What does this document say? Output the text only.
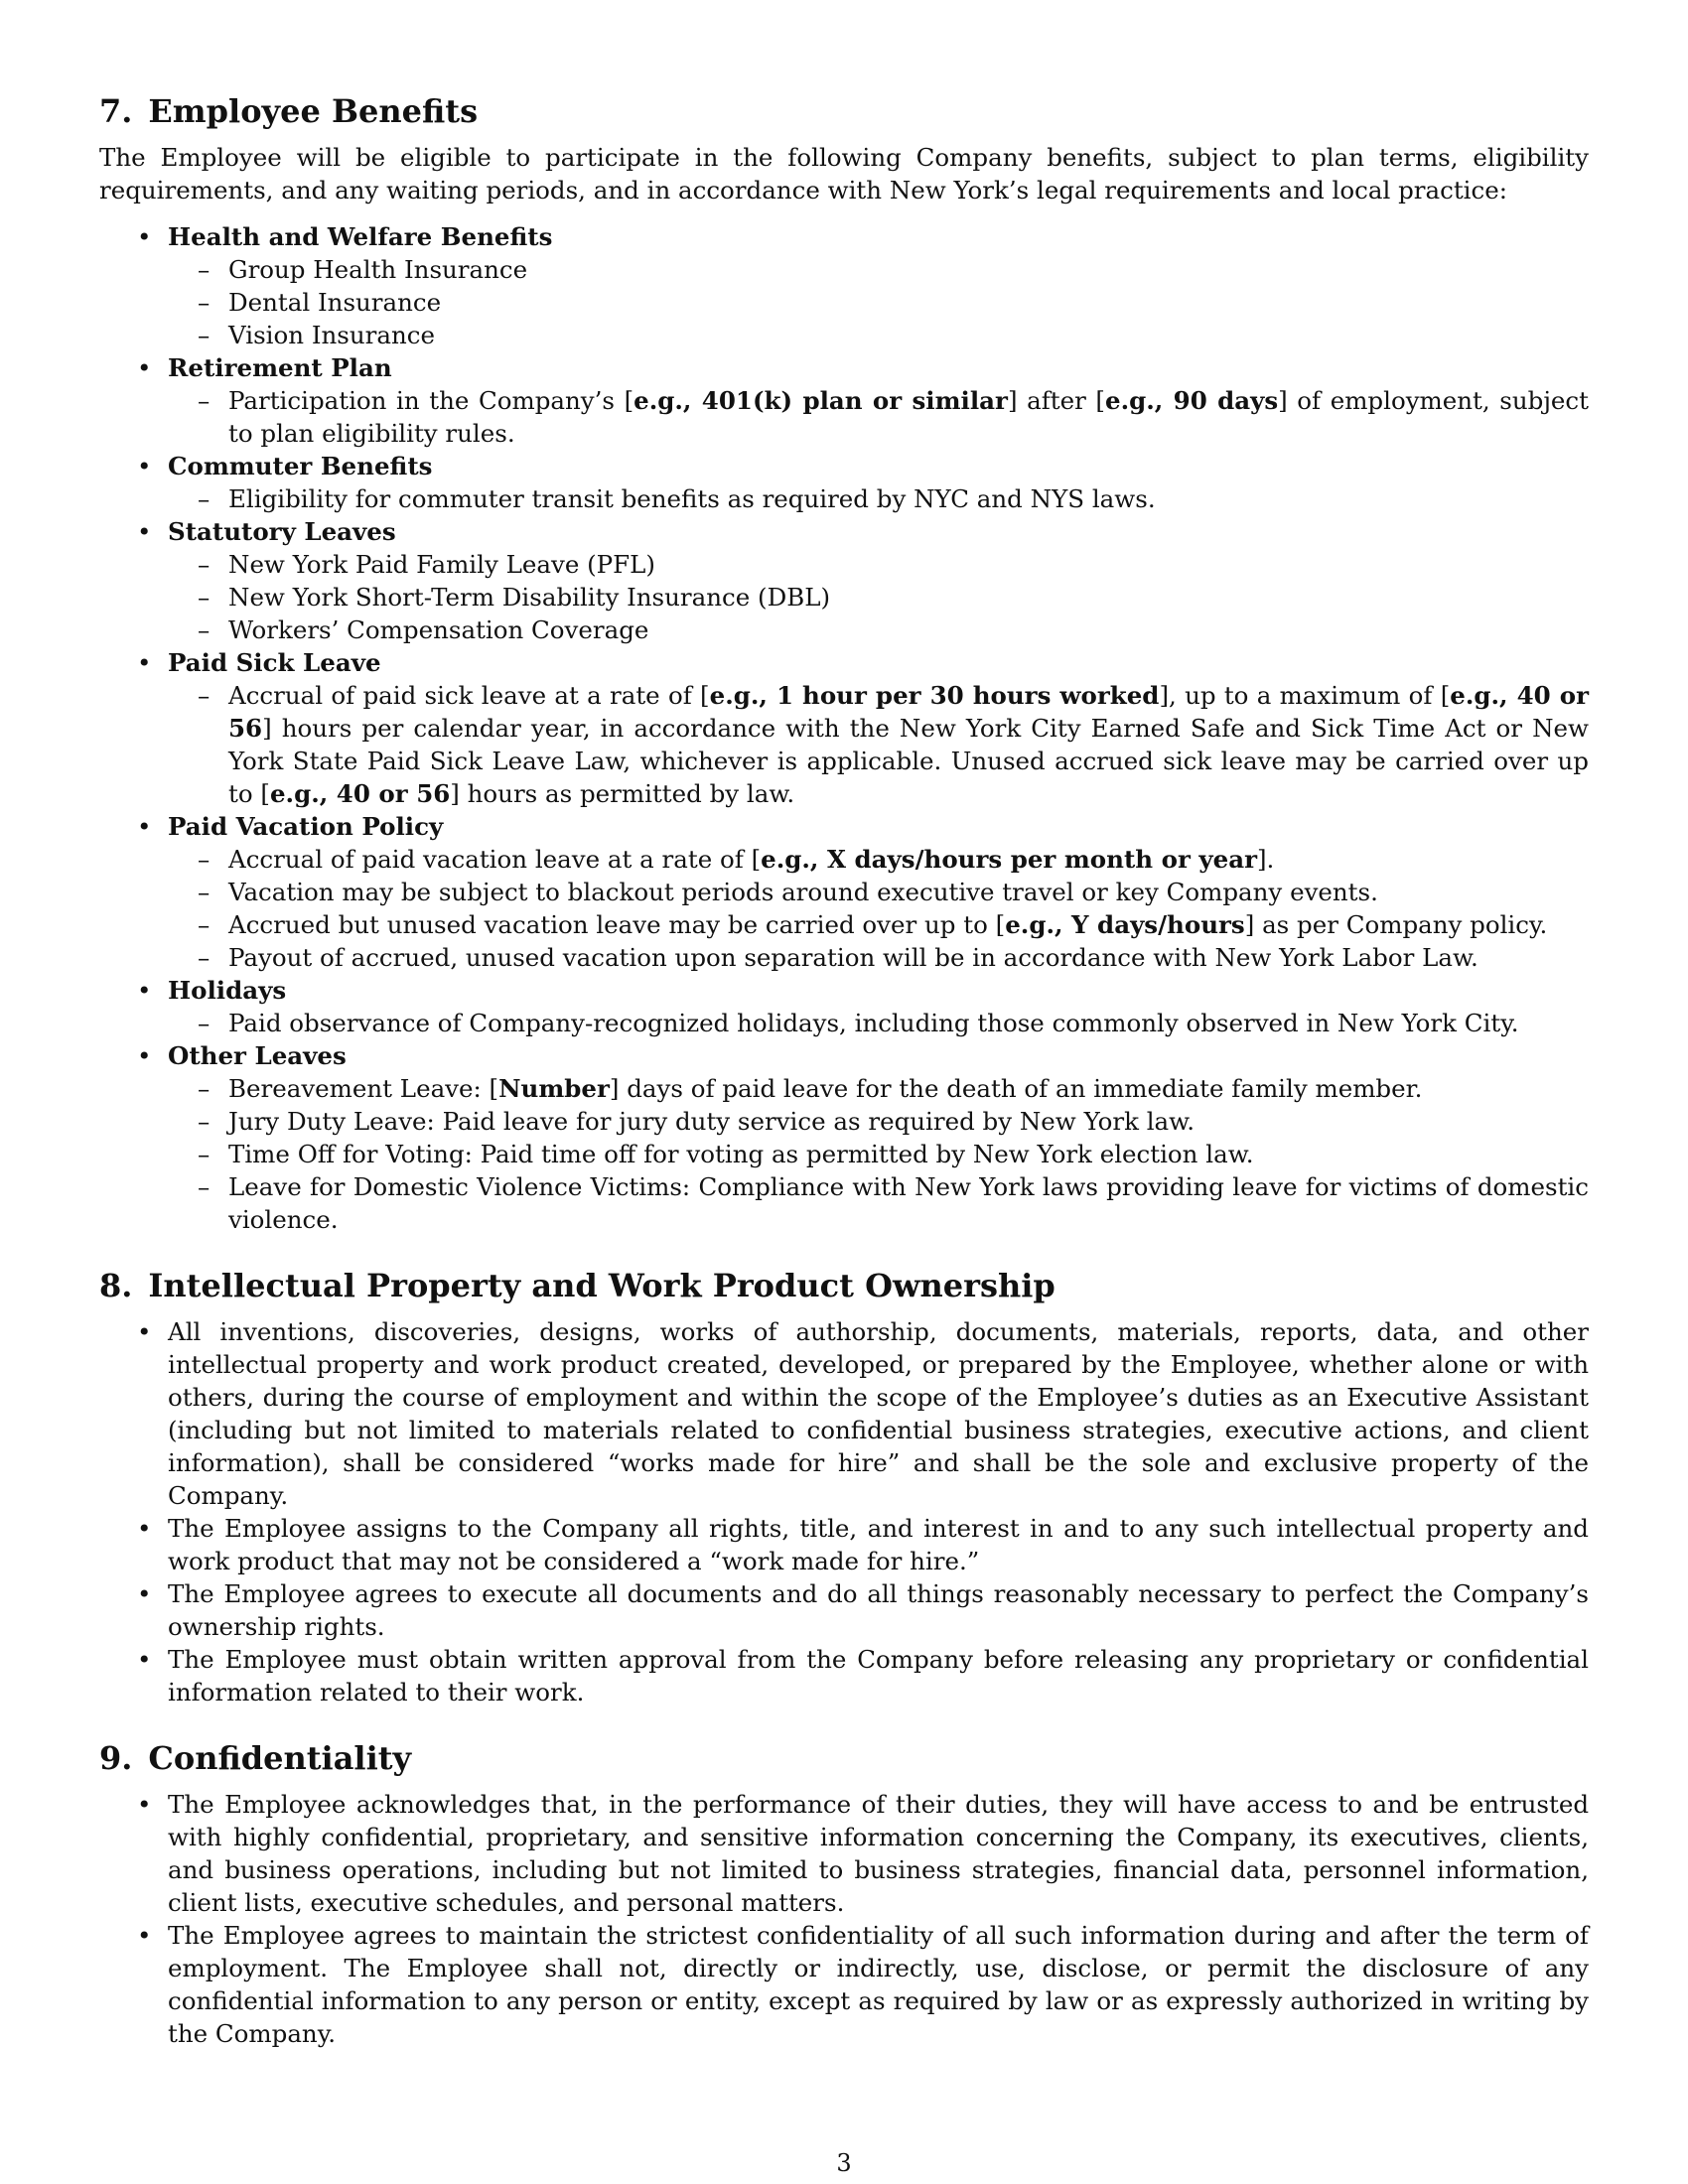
7. Employee Benefits

The Employee will be eligible to participate in the following Company benefits, subject to plan terms, eligibility requirements, and any waiting periods, and in accordance with New York’s legal requirements and local practice:

• Health and Welfare Benefits
– Group Health Insurance
– Dental Insurance
– Vision Insurance
• Retirement Plan
– Participation in the Company’s [e.g., 401(k) plan or similar] after [e.g., 90 days] of employment, subject to plan eligibility rules.
• Commuter Benefits
– Eligibility for commuter transit benefits as required by NYC and NYS laws.
• Statutory Leaves
– New York Paid Family Leave (PFL)
– New York Short-Term Disability Insurance (DBL)
– Workers’ Compensation Coverage
• Paid Sick Leave
– Accrual of paid sick leave at a rate of [e.g., 1 hour per 30 hours worked], up to a maximum of [e.g., 40 or 56] hours per calendar year, in accordance with the New York City Earned Safe and Sick Time Act or New York State Paid Sick Leave Law, whichever is applicable. Unused accrued sick leave may be carried over up to [e.g., 40 or 56] hours as permitted by law.
• Paid Vacation Policy
– Accrual of paid vacation leave at a rate of [e.g., X days/hours per month or year].
– Vacation may be subject to blackout periods around executive travel or key Company events.
– Accrued but unused vacation leave may be carried over up to [e.g., Y days/hours] as per Company policy.
– Payout of accrued, unused vacation upon separation will be in accordance with New York Labor Law.
• Holidays
– Paid observance of Company-recognized holidays, including those commonly observed in New York City.
• Other Leaves
– Bereavement Leave: [Number] days of paid leave for the death of an immediate family member.
– Jury Duty Leave: Paid leave for jury duty service as required by New York law.
– Time Off for Voting: Paid time off for voting as permitted by New York election law.
– Leave for Domestic Violence Victims: Compliance with New York laws providing leave for victims of domestic violence.
8. Intellectual Property and Work Product Ownership
• All inventions, discoveries, designs, works of authorship, documents, materials, reports, data, and other intellectual property and work product created, developed, or prepared by the Employee, whether alone or with others, during the course of employment and within the scope of the Employee’s duties as an Executive Assistant (including but not limited to materials related to confidential business strategies, executive actions, and client information), shall be considered “works made for hire” and shall be the sole and exclusive property of the Company.
• The Employee assigns to the Company all rights, title, and interest in and to any such intellectual property and work product that may not be considered a “work made for hire.”
• The Employee agrees to execute all documents and do all things reasonably necessary to perfect the Company’s ownership rights.
• The Employee must obtain written approval from the Company before releasing any proprietary or confidential information related to their work.
9. Confidentiality
• The Employee acknowledges that, in the performance of their duties, they will have access to and be entrusted with highly confidential, proprietary, and sensitive information concerning the Company, its executives, clients, and business operations, including but not limited to business strategies, financial data, personnel information, client lists, executive schedules, and personal matters.
• The Employee agrees to maintain the strictest confidentiality of all such information during and after the term of employment. The Employee shall not, directly or indirectly, use, disclose, or permit the disclosure of any confidential information to any person or entity, except as required by law or as expressly authorized in writing by the Company.
3
